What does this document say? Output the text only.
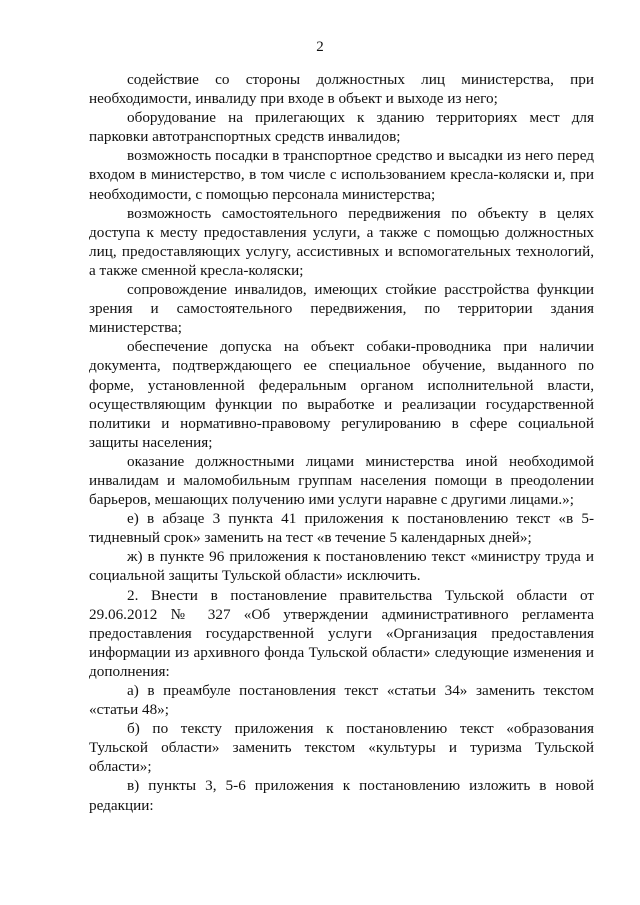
2

содействие со стороны должностных лиц министерства, при необходимости, инвалиду при входе в объект и выходе из него;

оборудование на прилегающих к зданию территориях мест для парковки автотранспортных средств инвалидов;

возможность посадки в транспортное средство и высадки из него перед входом в министерство, в том числе с использованием кресла-коляски и, при необходимости, с помощью персонала министерства;

возможность самостоятельного передвижения по объекту в целях доступа к месту предоставления услуги, а также с помощью должностных лиц, предоставляющих услугу, ассистивных и вспомогательных технологий, а также сменной кресла-коляски;

сопровождение инвалидов, имеющих стойкие расстройства функции зрения и самостоятельного передвижения, по территории здания министерства;

обеспечение допуска на объект собаки-проводника при наличии документа, подтверждающего ее специальное обучение, выданного по форме, установленной федеральным органом исполнительной власти, осуществляющим функции по выработке и реализации государственной политики и нормативно-правовому регулированию в сфере социальной защиты населения;

оказание должностными лицами министерства иной необходимой инвалидам и маломобильным группам населения помощи в преодолении барьеров, мешающих получению ими услуги наравне с другими лицами.»;

е) в абзаце 3 пункта 41 приложения к постановлению текст «в 5-тидневный срок» заменить на тест «в течение 5 календарных дней»;

ж) в пункте 96 приложения к постановлению текст «министру труда и социальной защиты Тульской области» исключить.

2. Внести в постановление правительства Тульской области от 29.06.2012 № 327 «Об утверждении административного регламента предоставления государственной услуги «Организация предоставления информации из архивного фонда Тульской области» следующие изменения и дополнения:

а) в преамбуле постановления текст «статьи 34» заменить текстом «статьи 48»;

б) по тексту приложения к постановлению текст «образования Тульской области» заменить текстом «культуры и туризма Тульской области»;

в) пункты 3, 5-6 приложения к постановлению изложить в новой редакции:
